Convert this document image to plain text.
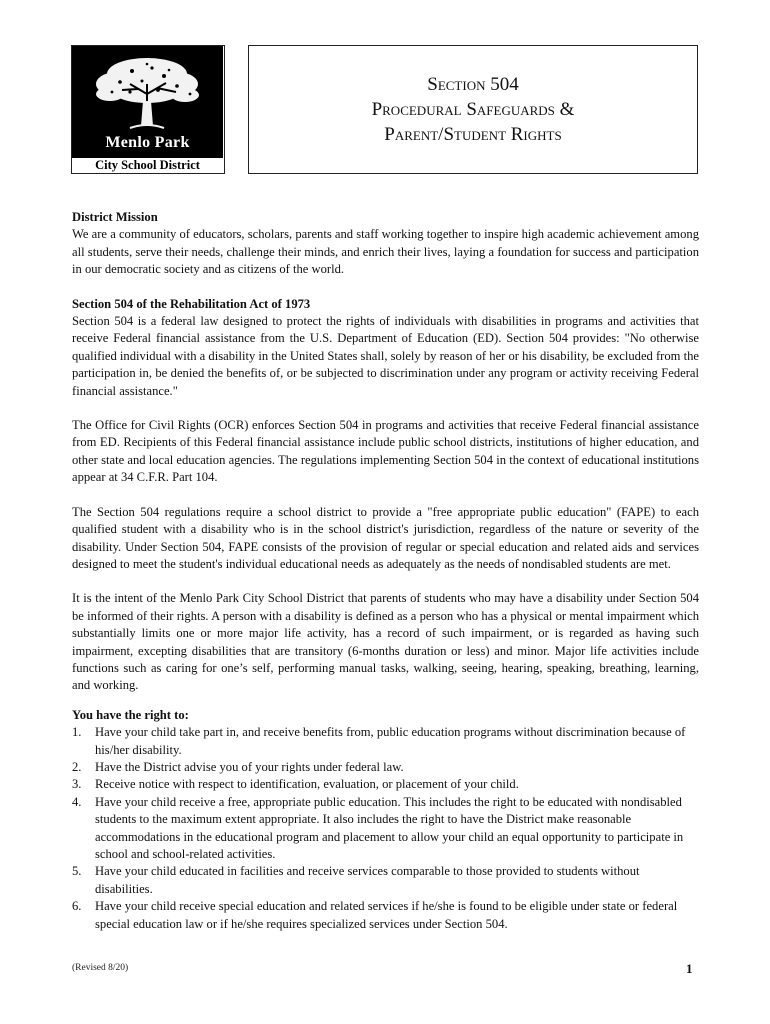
Menlo Park
City School District
Section 504
Procedural Safeguards &
Parent/Student Rights

District Mission

We are a community of educators, scholars, parents and staff working together to inspire high academic achievement among all students, serve their needs, challenge their minds, and enrich their lives, laying a foundation for success and participation in our democratic society and as citizens of the world.

Section 504 of the Rehabilitation Act of 1973

Section 504 is a federal law designed to protect the rights of individuals with disabilities in programs and activities that receive Federal financial assistance from the U.S. Department of Education (ED). Section 504 provides: "No otherwise qualified individual with a disability in the United States shall, solely by reason of her or his disability, be excluded from the participation in, be denied the benefits of, or be subjected to discrimination under any program or activity receiving Federal financial assistance."

The Office for Civil Rights (OCR) enforces Section 504 in programs and activities that receive Federal financial assistance from ED. Recipients of this Federal financial assistance include public school districts, institutions of higher education, and other state and local education agencies. The regulations implementing Section 504 in the context of educational institutions appear at 34 C.F.R. Part 104.

The Section 504 regulations require a school district to provide a "free appropriate public education" (FAPE) to each qualified student with a disability who is in the school district's jurisdiction, regardless of the nature or severity of the disability. Under Section 504, FAPE consists of the provision of regular or special education and related aids and services designed to meet the student's individual educational needs as adequately as the needs of nondisabled students are met.

It is the intent of the Menlo Park City School District that parents of students who may have a disability under Section 504 be informed of their rights. A person with a disability is defined as a person who has a physical or mental impairment which substantially limits one or more major life activity, has a record of such impairment, or is regarded as having such impairment, excepting disabilities that are transitory (6-months duration or less) and minor. Major life activities include functions such as caring for one’s self, performing manual tasks, walking, seeing, hearing, speaking, breathing, learning, and working.

You have the right to:

1. Have your child take part in, and receive benefits from, public education programs without discrimination because of his/her disability.
2. Have the District advise you of your rights under federal law.
3. Receive notice with respect to identification, evaluation, or placement of your child.
4. Have your child receive a free, appropriate public education. This includes the right to be educated with nondisabled students to the maximum extent appropriate. It also includes the right to have the District make reasonable accommodations in the educational program and placement to allow your child an equal opportunity to participate in school and school-related activities.
5. Have your child educated in facilities and receive services comparable to those provided to students without disabilities.
6. Have your child receive special education and related services if he/she is found to be eligible under state or federal special education law or if he/she requires specialized services under Section 504.
(Revised 8/20)	1
